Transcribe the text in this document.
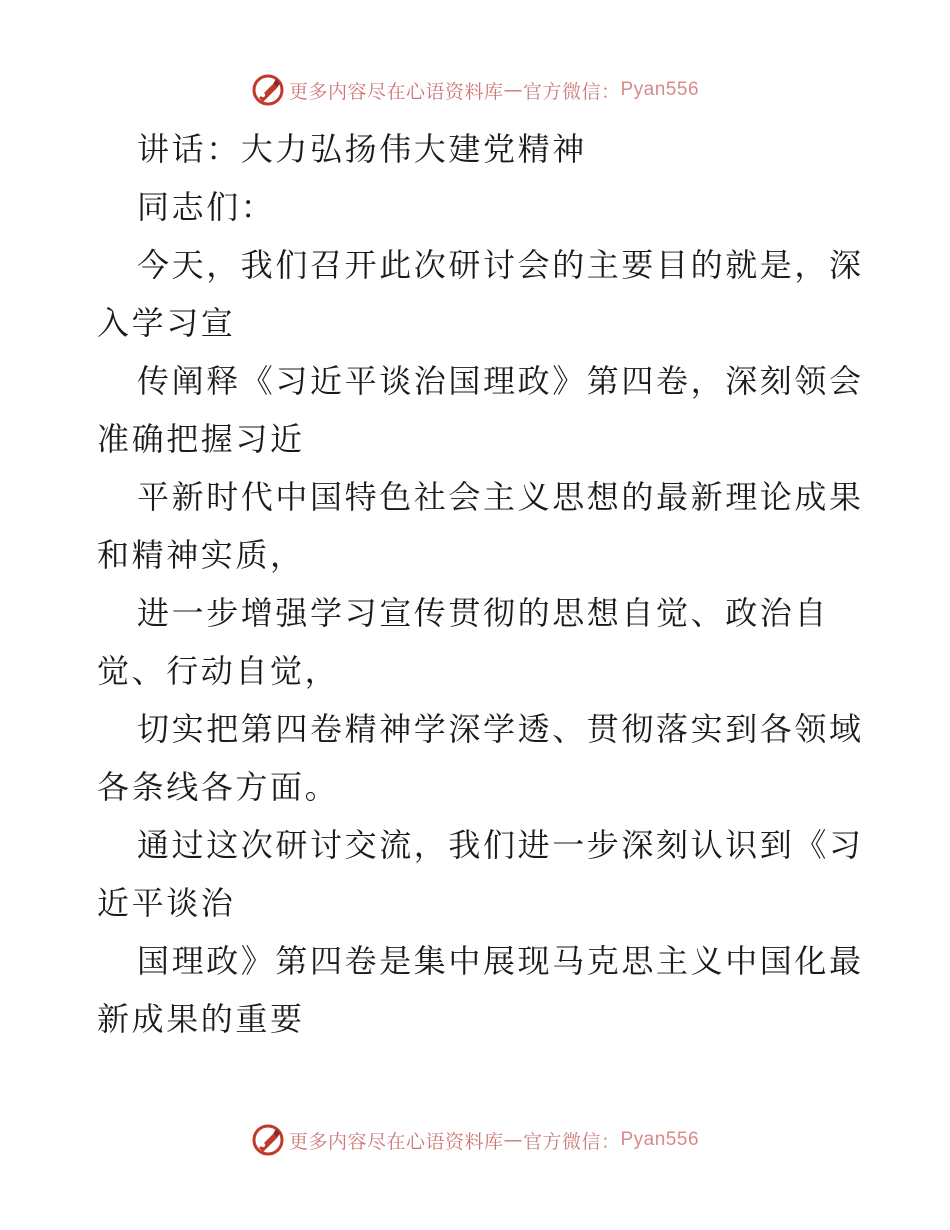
更多内容尽在心语资料库 — 官方微信： Pyan556

讲话：大力弘扬伟大建党精神

同志们：

今天，我们召开此次研讨会的主要目的就是，深
入学习宣

传阐释《习近平谈治国理政》第四卷，深刻领会
准确把握习近

平新时代中国特色社会主义思想的最新理论成果
和精神实质，

进一步增强学习宣传贯彻的思想自觉、政治自
觉、行动自觉，

切实把第四卷精神学深学透、贯彻落实到各领域
各条线各方面。

通过这次研讨交流，我们进一步深刻认识到《习
近平谈治

国理政》第四卷是集中展现马克思主义中国化最
新成果的重要

更多内容尽在心语资料库 — 官方微信： Pyan556
